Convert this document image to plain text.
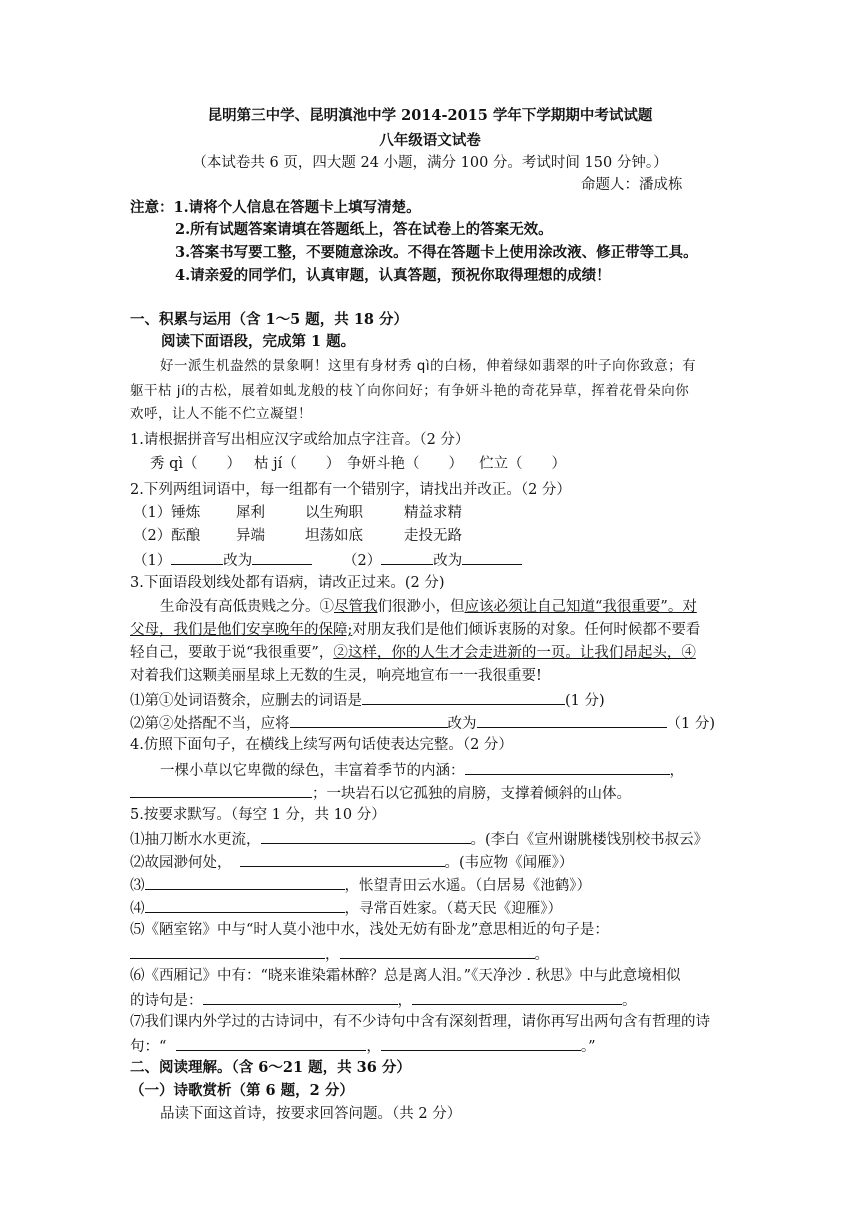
昆明第三中学、昆明滇池中学 2014-2015 学年下学期期中考试试题
八年级语文试卷
（本试卷共 6 页，四大题 24 小题，满分 100 分。考试时间 150 分钟。）
命题人：潘成栋
注意：1.请将个人信息在答题卡上填写清楚。
2.所有试题答案请填在答题纸上，答在试卷上的答案无效。
3.答案书写要工整，不要随意涂改。不得在答题卡上使用涂改液、修正带等工具。
4.请亲爱的同学们，认真审题，认真答题，预祝你取得理想的成绩！
一、积累与运用（含 1～5 题，共 18 分）
阅读下面语段，完成第 1 题。
好一派生机盎然的景象啊！这里有身材秀 qì的白杨，伸着绿如翡翠的叶子向你致意；有
躯干枯 jí的古松，展着如虬龙般的枝丫向你问好；有争妍斗艳的奇花异草，挥着花骨朵向你
欢呼，让人不能不伫立凝望！
1.请根据拼音写出相应汉字或给加点字注音。（2 分）
秀 qì（　　） 枯 jí（　　） 争妍斗艳（　　） 伫立（　　）
2.下列两组词语中，每一组都有一个错别字，请找出并改正。（2 分）
（1）锤炼 犀利	以生殉职	精益求精
（2）酝酿 异端	坦荡如底	走投无路
（1）	改为	（2）	改为
3.下面语段划线处都有语病，请改正过来。(2 分)
生命没有高低贵贱之分。①尽管我们很渺小，但应该必须让自己知道“我很重要”。对
父母，我们是他们安享晚年的保障;对朋友我们是他们倾诉衷肠的对象。任何时候都不要看
轻自己，要敢于说“我很重要”，②这样，你的人生才会走进新的一页。让我们昂起头，④
对着我们这颗美丽星球上无数的生灵，响亮地宣布一一我很重要!
⑴第①处词语赘余，应删去的词语是	(1 分)
⑵第②处搭配不当，应将	改为	（1 分)
4.仿照下面句子，在横线上续写两句话使表达完整。（2 分）
一棵小草以它卑微的绿色，丰富着季节的内涵：	，
；一块岩石以它孤独的肩膀，支撑着倾斜的山体。
5.按要求默写。（每空 1 分，共 10 分）
⑴抽刀断水水更流，	。(李白《宣州谢朓楼饯别校书叔云》
⑵故园渺何处，	。(韦应物《闻雁》）
⑶	，怅望青田云水遥。（白居易《池鹤》）
⑷	，寻常百姓家。（葛天民《迎雁》）
⑸《陋室铭》中与“时人莫小池中水，浅处无妨有卧龙”意思相近的句子是：
，	。
⑹《西厢记》中有：“晓来谁染霜林醉？总是离人泪。”《天净沙 . 秋思》中与此意境相似
的诗句是：	，	。
⑺我们课内外学过的古诗词中，有不少诗句中含有深刻哲理，请你再写出两句含有哲理的诗
句：“	，	。”
二、阅读理解。（含 6～21 题，共 36 分）
（一）诗歌赏析（第 6 题，2 分）
品读下面这首诗，按要求回答问题。（共 2 分）
